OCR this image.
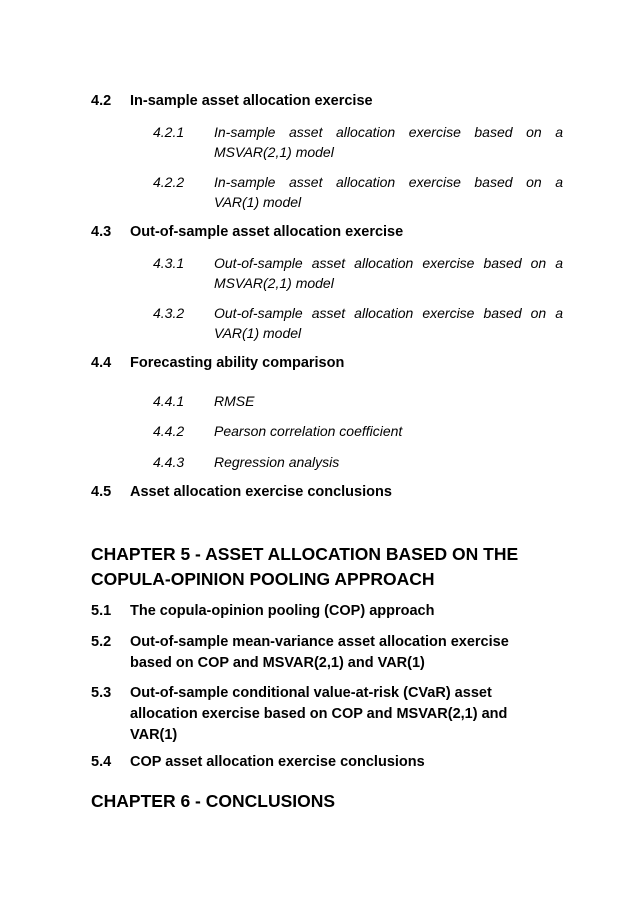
4.2 In-sample asset allocation exercise
4.2.1 In-sample asset allocation exercise based on a
MSVAR(2,1) model
4.2.2 In-sample asset allocation exercise based on a
VAR(1) model
4.3 Out-of-sample asset allocation exercise
4.3.1 Out-of-sample asset allocation exercise based on a
MSVAR(2,1) model
4.3.2 Out-of-sample asset allocation exercise based on a
VAR(1) model
4.4 Forecasting ability comparison
4.4.1 RMSE
4.4.2 Pearson correlation coefficient
4.4.3 Regression analysis
4.5 Asset allocation exercise conclusions
CHAPTER 5 - ASSET ALLOCATION BASED ON THE
COPULA-OPINION POOLING APPROACH
5.1 The copula-opinion pooling (COP) approach
5.2 Out-of-sample mean-variance asset allocation exercise
based on COP and MSVAR(2,1) and VAR(1)
5.3 Out-of-sample conditional value-at-risk (CVaR) asset
allocation exercise based on COP and MSVAR(2,1) and
VAR(1)
5.4 COP asset allocation exercise conclusions
CHAPTER 6 - CONCLUSIONS
